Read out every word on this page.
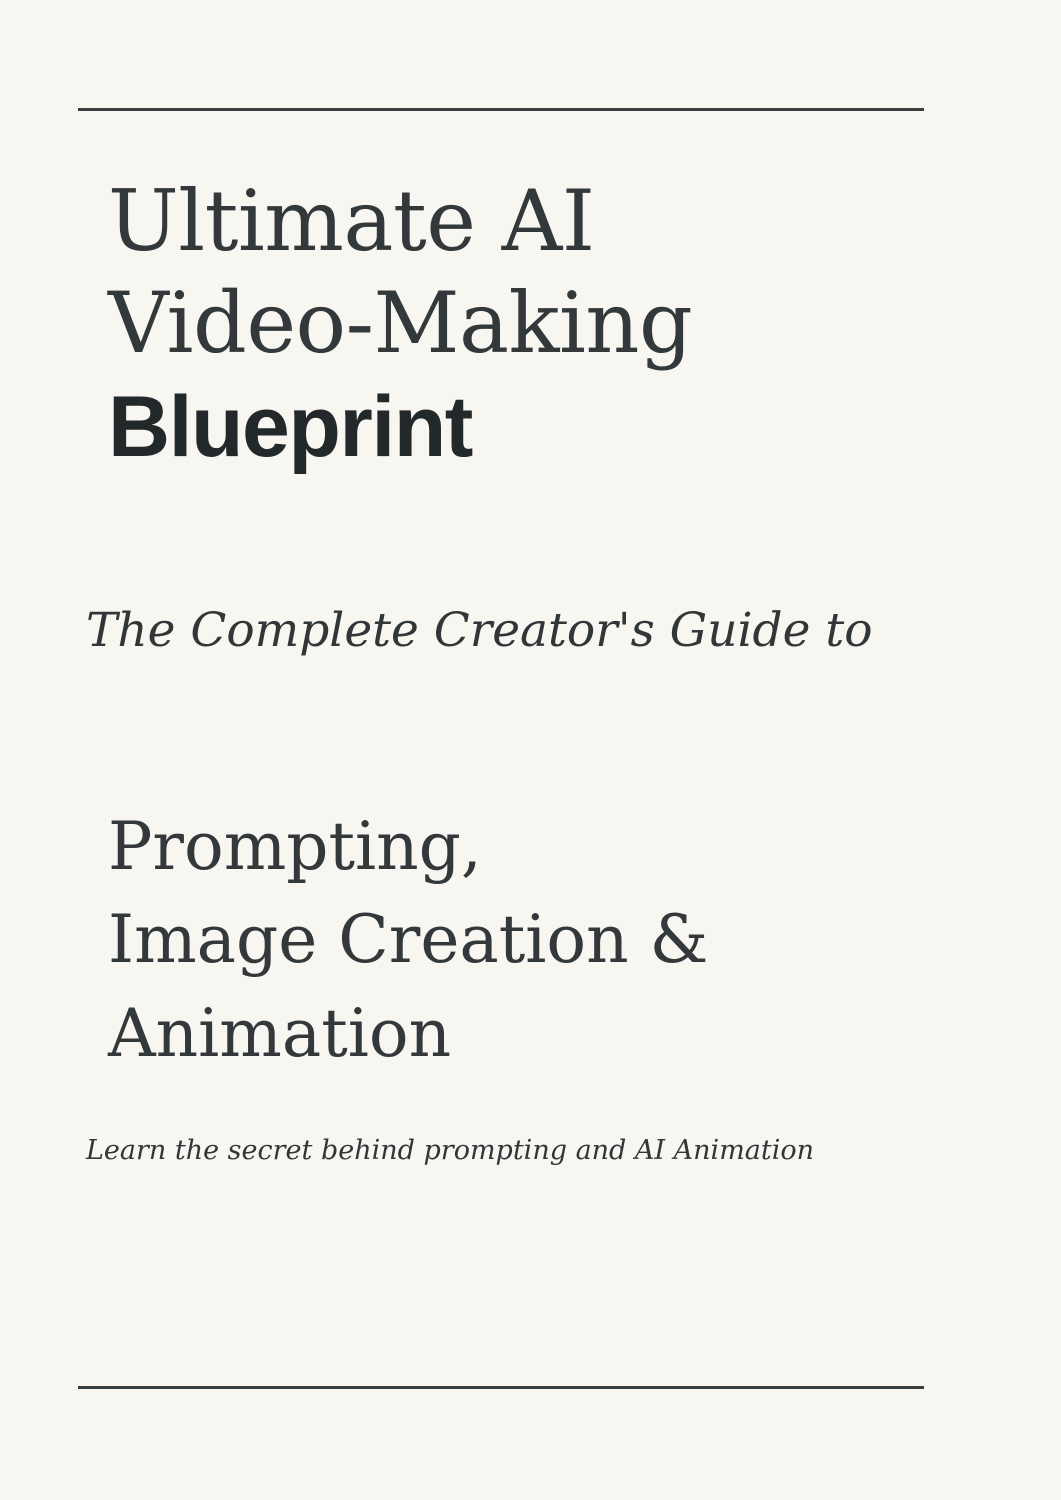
Ultimate AI
Video-Making
Blueprint
The Complete Creator's Guide to
Prompting,
Image Creation &
Animation
Learn the secret behind prompting and AI Animation
